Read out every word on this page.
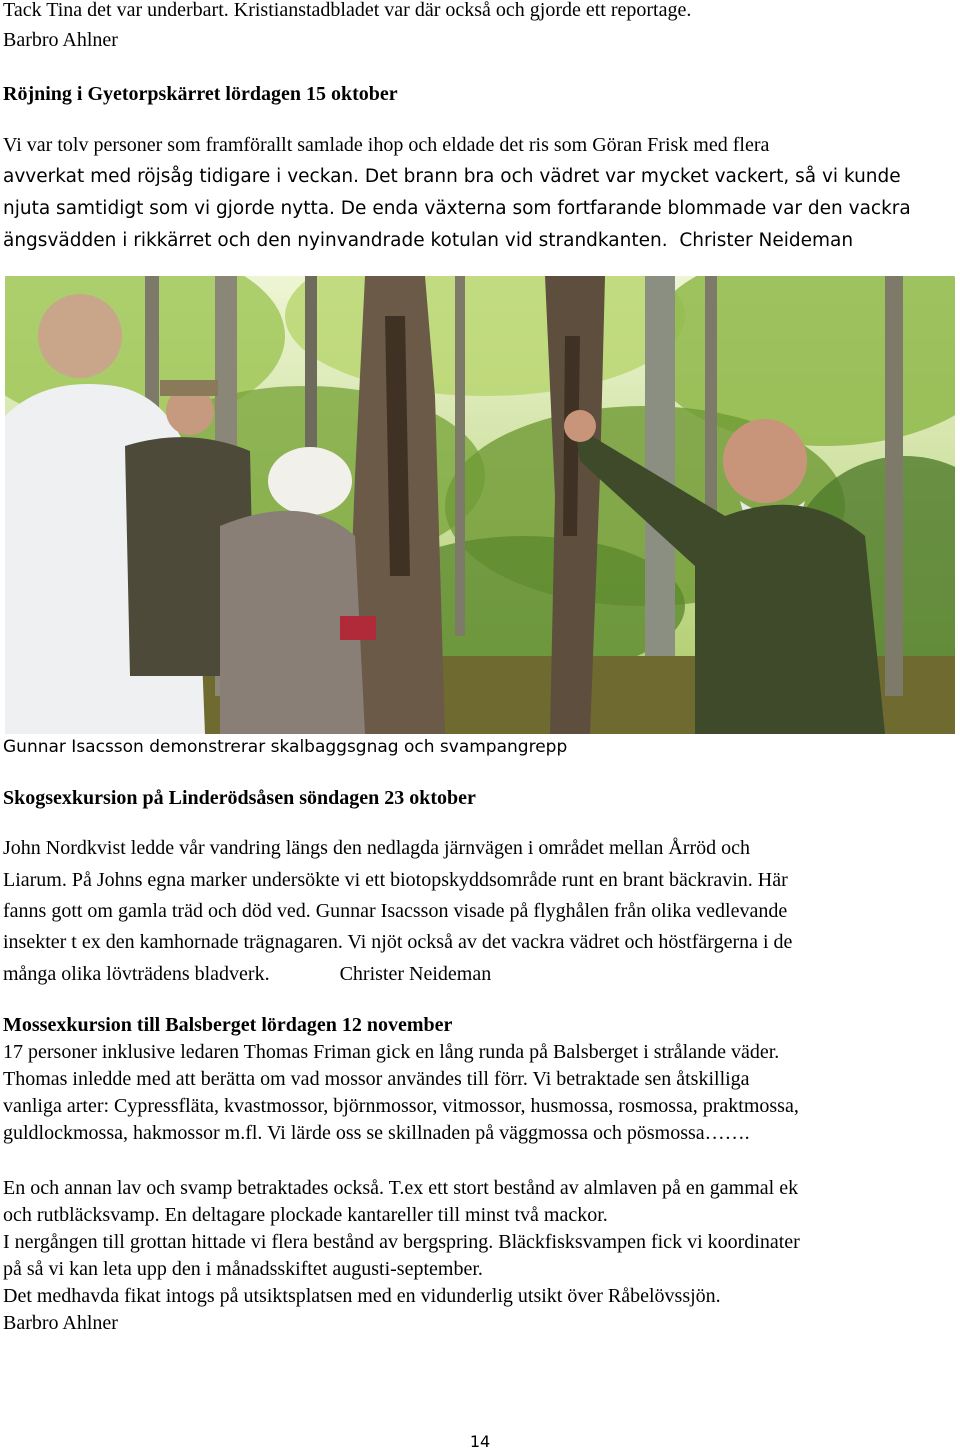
Tack Tina det var underbart. Kristianstadbladet var där också och gjorde ett reportage.
Barbro Ahlner
Röjning i Gyetorpskärret lördagen 15 oktober
Vi var tolv personer som framförallt samlade ihop och eldade det ris som Göran Frisk med flera
avverkat med röjsåg tidigare i veckan. Det brann bra och vädret var mycket vackert, så vi kunde
njuta samtidigt som vi gjorde nytta. De enda växterna som fortfarande blommade var den vackra
ängsvädden i rikkärret och den nyinvandrade kotulan vid strandkanten. Christer Neideman
Gunnar Isacsson demonstrerar skalbaggsgnag och svampangrepp
Skogsexkursion på Linderödsåsen söndagen 23 oktober
John Nordkvist ledde vår vandring längs den nedlagda järnvägen i området mellan Årröd och
Liarum. På Johns egna marker undersökte vi ett biotopskyddsområde runt en brant bäckravin. Här
fanns gott om gamla träd och död ved. Gunnar Isacsson visade på flyghålen från olika vedlevande
insekter t ex den kamhornade trägnagaren. Vi njöt också av det vackra vädret och höstfärgerna i de
många olika lövträdens bladverk.	Christer Neideman
Mossexkursion till Balsberget lördagen 12 november
17 personer inklusive ledaren Thomas Friman gick en lång runda på Balsberget i strålande väder.
Thomas inledde med att berätta om vad mossor användes till förr. Vi betraktade sen åtskilliga
vanliga arter: Cypressfläta, kvastmossor, björnmossor, vitmossor, husmossa, rosmossa, praktmossa,
guldlockmossa, hakmossor m.fl. Vi lärde oss se skillnaden på väggmossa och pösmossa…….
En och annan lav och svamp betraktades också. T.ex ett stort bestånd av almlaven på en gammal ek
och rutbläcksvamp. En deltagare plockade kantareller till minst två mackor.
I nergången till grottan hittade vi flera bestånd av bergspring. Bläckfisksvampen fick vi koordinater
på så vi kan leta upp den i månadsskiftet augusti-september.
Det medhavda fikat intogs på utsiktsplatsen med en vidunderlig utsikt över Råbelövssjön.
Barbro Ahlner
14
